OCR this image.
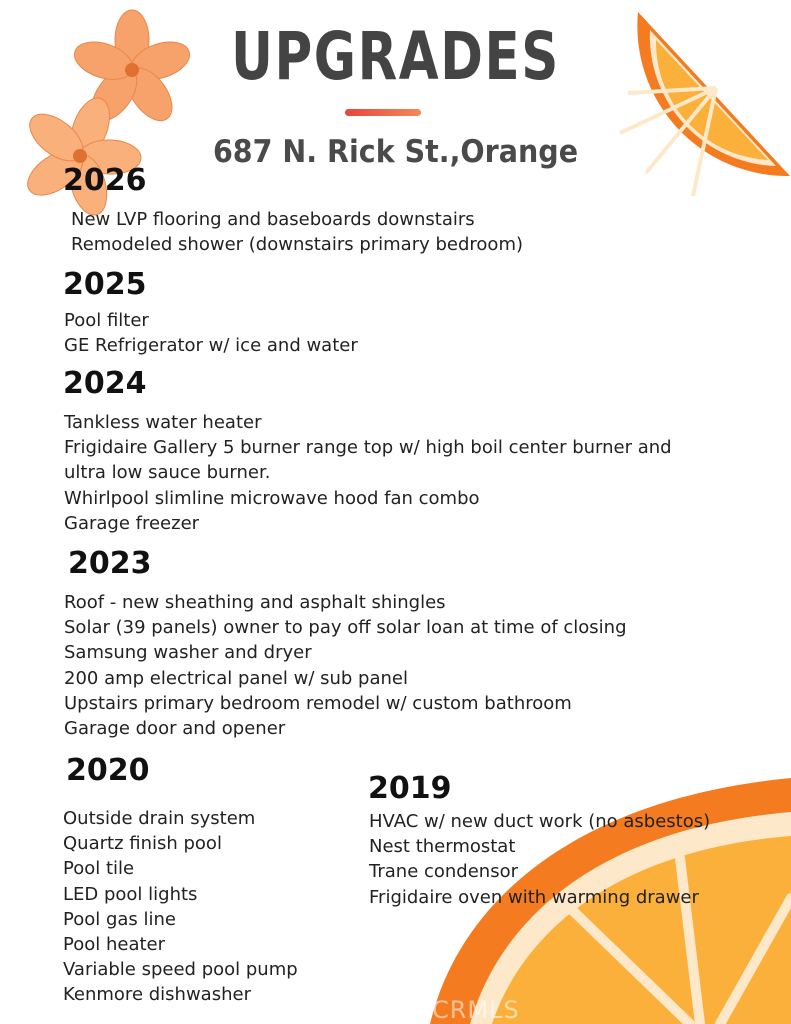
UPGRADES
687 N. Rick St.,Orange
2026
New LVP flooring and baseboards downstairs
Remodeled shower (downstairs primary bedroom)
2025
Pool filter
GE Refrigerator w/ ice and water
2024
Tankless water heater
Frigidaire Gallery 5 burner range top w/ high boil center burner and
ultra low sauce burner.
Whirlpool slimline microwave hood fan combo
Garage freezer
2023
Roof - new sheathing and asphalt shingles
Solar (39 panels) owner to pay off solar loan at time of closing
Samsung washer and dryer
200 amp electrical panel w/ sub panel
Upstairs primary bedroom remodel w/ custom bathroom
Garage door and opener
2020
Outside drain system
Quartz finish pool
Pool tile
LED pool lights
Pool gas line
Pool heater
Variable speed pool pump
Kenmore dishwasher
2019
HVAC w/ new duct work (no asbestos)
Nest thermostat
Trane condensor
Frigidaire oven with warming drawer
CRMLS
